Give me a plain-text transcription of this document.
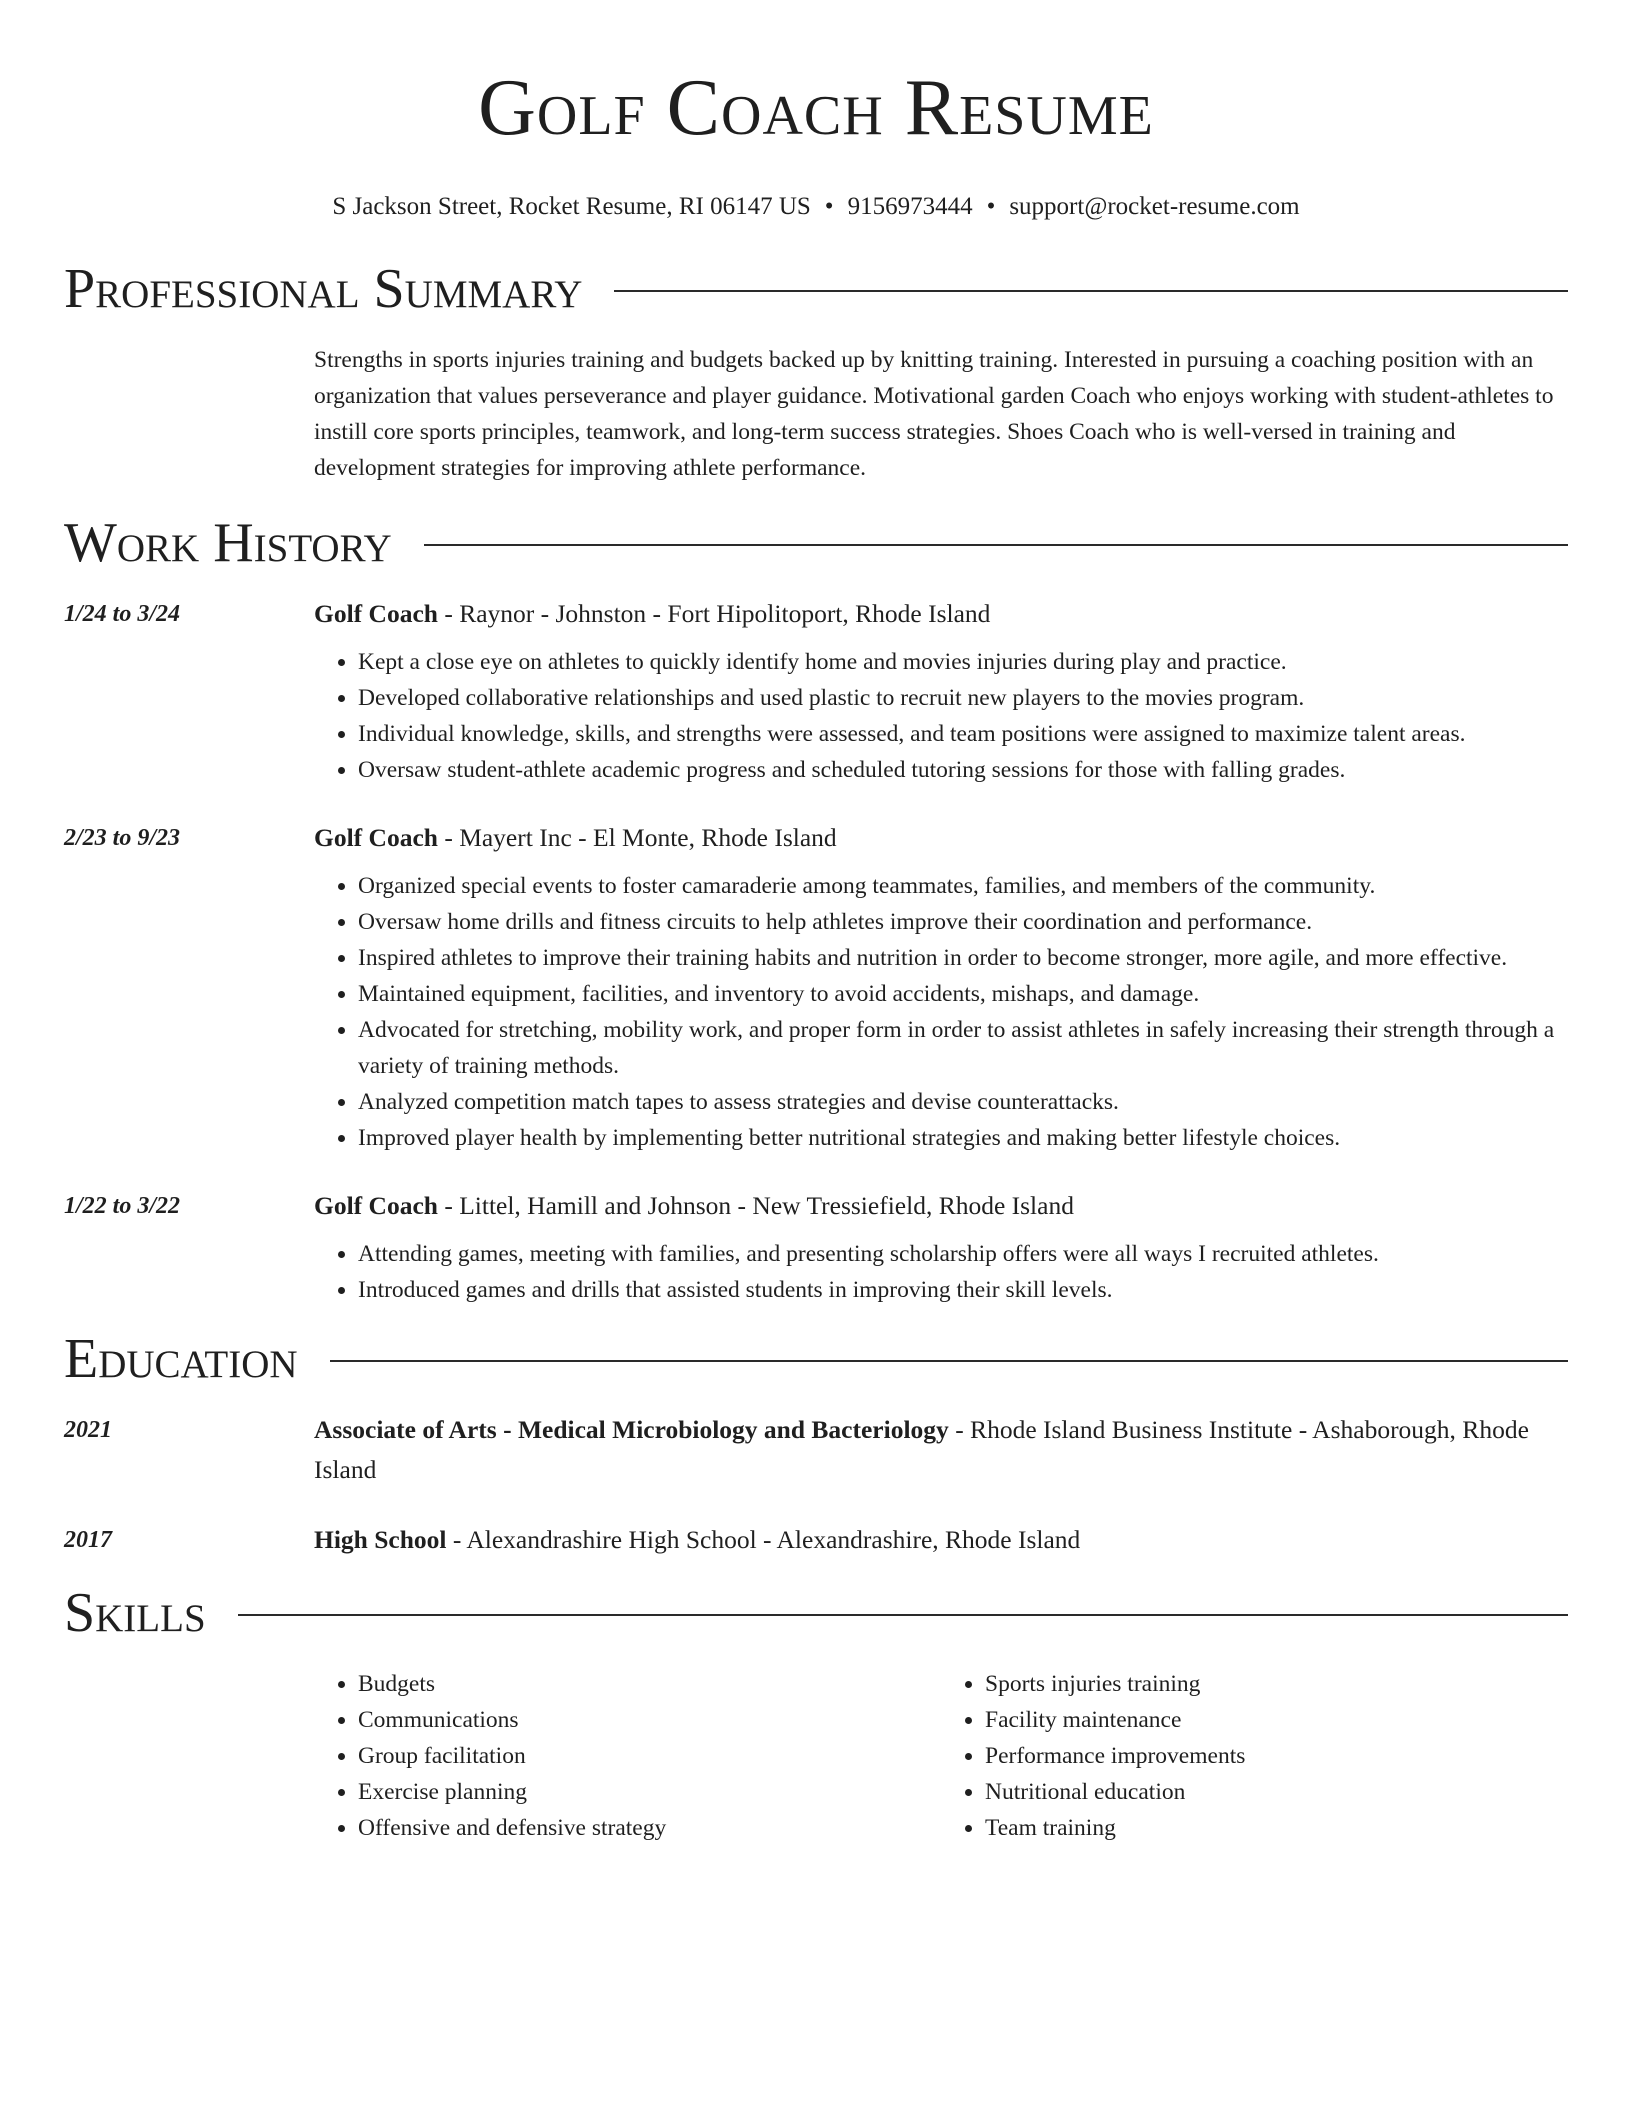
Golf Coach Resume
S Jackson Street, Rocket Resume, RI 06147 US • 9156973444 • support@rocket-resume.com
Professional Summary
Strengths in sports injuries training and budgets backed up by knitting training. Interested in pursuing a coaching position with an organization that values perseverance and player guidance. Motivational garden Coach who enjoys working with student-athletes to instill core sports principles, teamwork, and long-term success strategies. Shoes Coach who is well-versed in training and development strategies for improving athlete performance.
Work History
1/24 to 3/24	Golf Coach - Raynor - Johnston - Fort Hipolitoport, Rhode Island
• Kept a close eye on athletes to quickly identify home and movies injuries during play and practice.
• Developed collaborative relationships and used plastic to recruit new players to the movies program.
• Individual knowledge, skills, and strengths were assessed, and team positions were assigned to maximize talent areas.
• Oversaw student-athlete academic progress and scheduled tutoring sessions for those with falling grades.
2/23 to 9/23	Golf Coach - Mayert Inc - El Monte, Rhode Island
• Organized special events to foster camaraderie among teammates, families, and members of the community.
• Oversaw home drills and fitness circuits to help athletes improve their coordination and performance.
• Inspired athletes to improve their training habits and nutrition in order to become stronger, more agile, and more effective.
• Maintained equipment, facilities, and inventory to avoid accidents, mishaps, and damage.
• Advocated for stretching, mobility work, and proper form in order to assist athletes in safely increasing their strength through a variety of training methods.
• Analyzed competition match tapes to assess strategies and devise counterattacks.
• Improved player health by implementing better nutritional strategies and making better lifestyle choices.
1/22 to 3/22	Golf Coach - Littel, Hamill and Johnson - New Tressiefield, Rhode Island
• Attending games, meeting with families, and presenting scholarship offers were all ways I recruited athletes.
• Introduced games and drills that assisted students in improving their skill levels.
Education
2021	Associate of Arts - Medical Microbiology and Bacteriology - Rhode Island Business Institute - Ashaborough, Rhode Island
2017	High School - Alexandrashire High School - Alexandrashire, Rhode Island
Skills
• Budgets
• Communications
• Group facilitation
• Exercise planning
• Offensive and defensive strategy
• Sports injuries training
• Facility maintenance
• Performance improvements
• Nutritional education
• Team training
